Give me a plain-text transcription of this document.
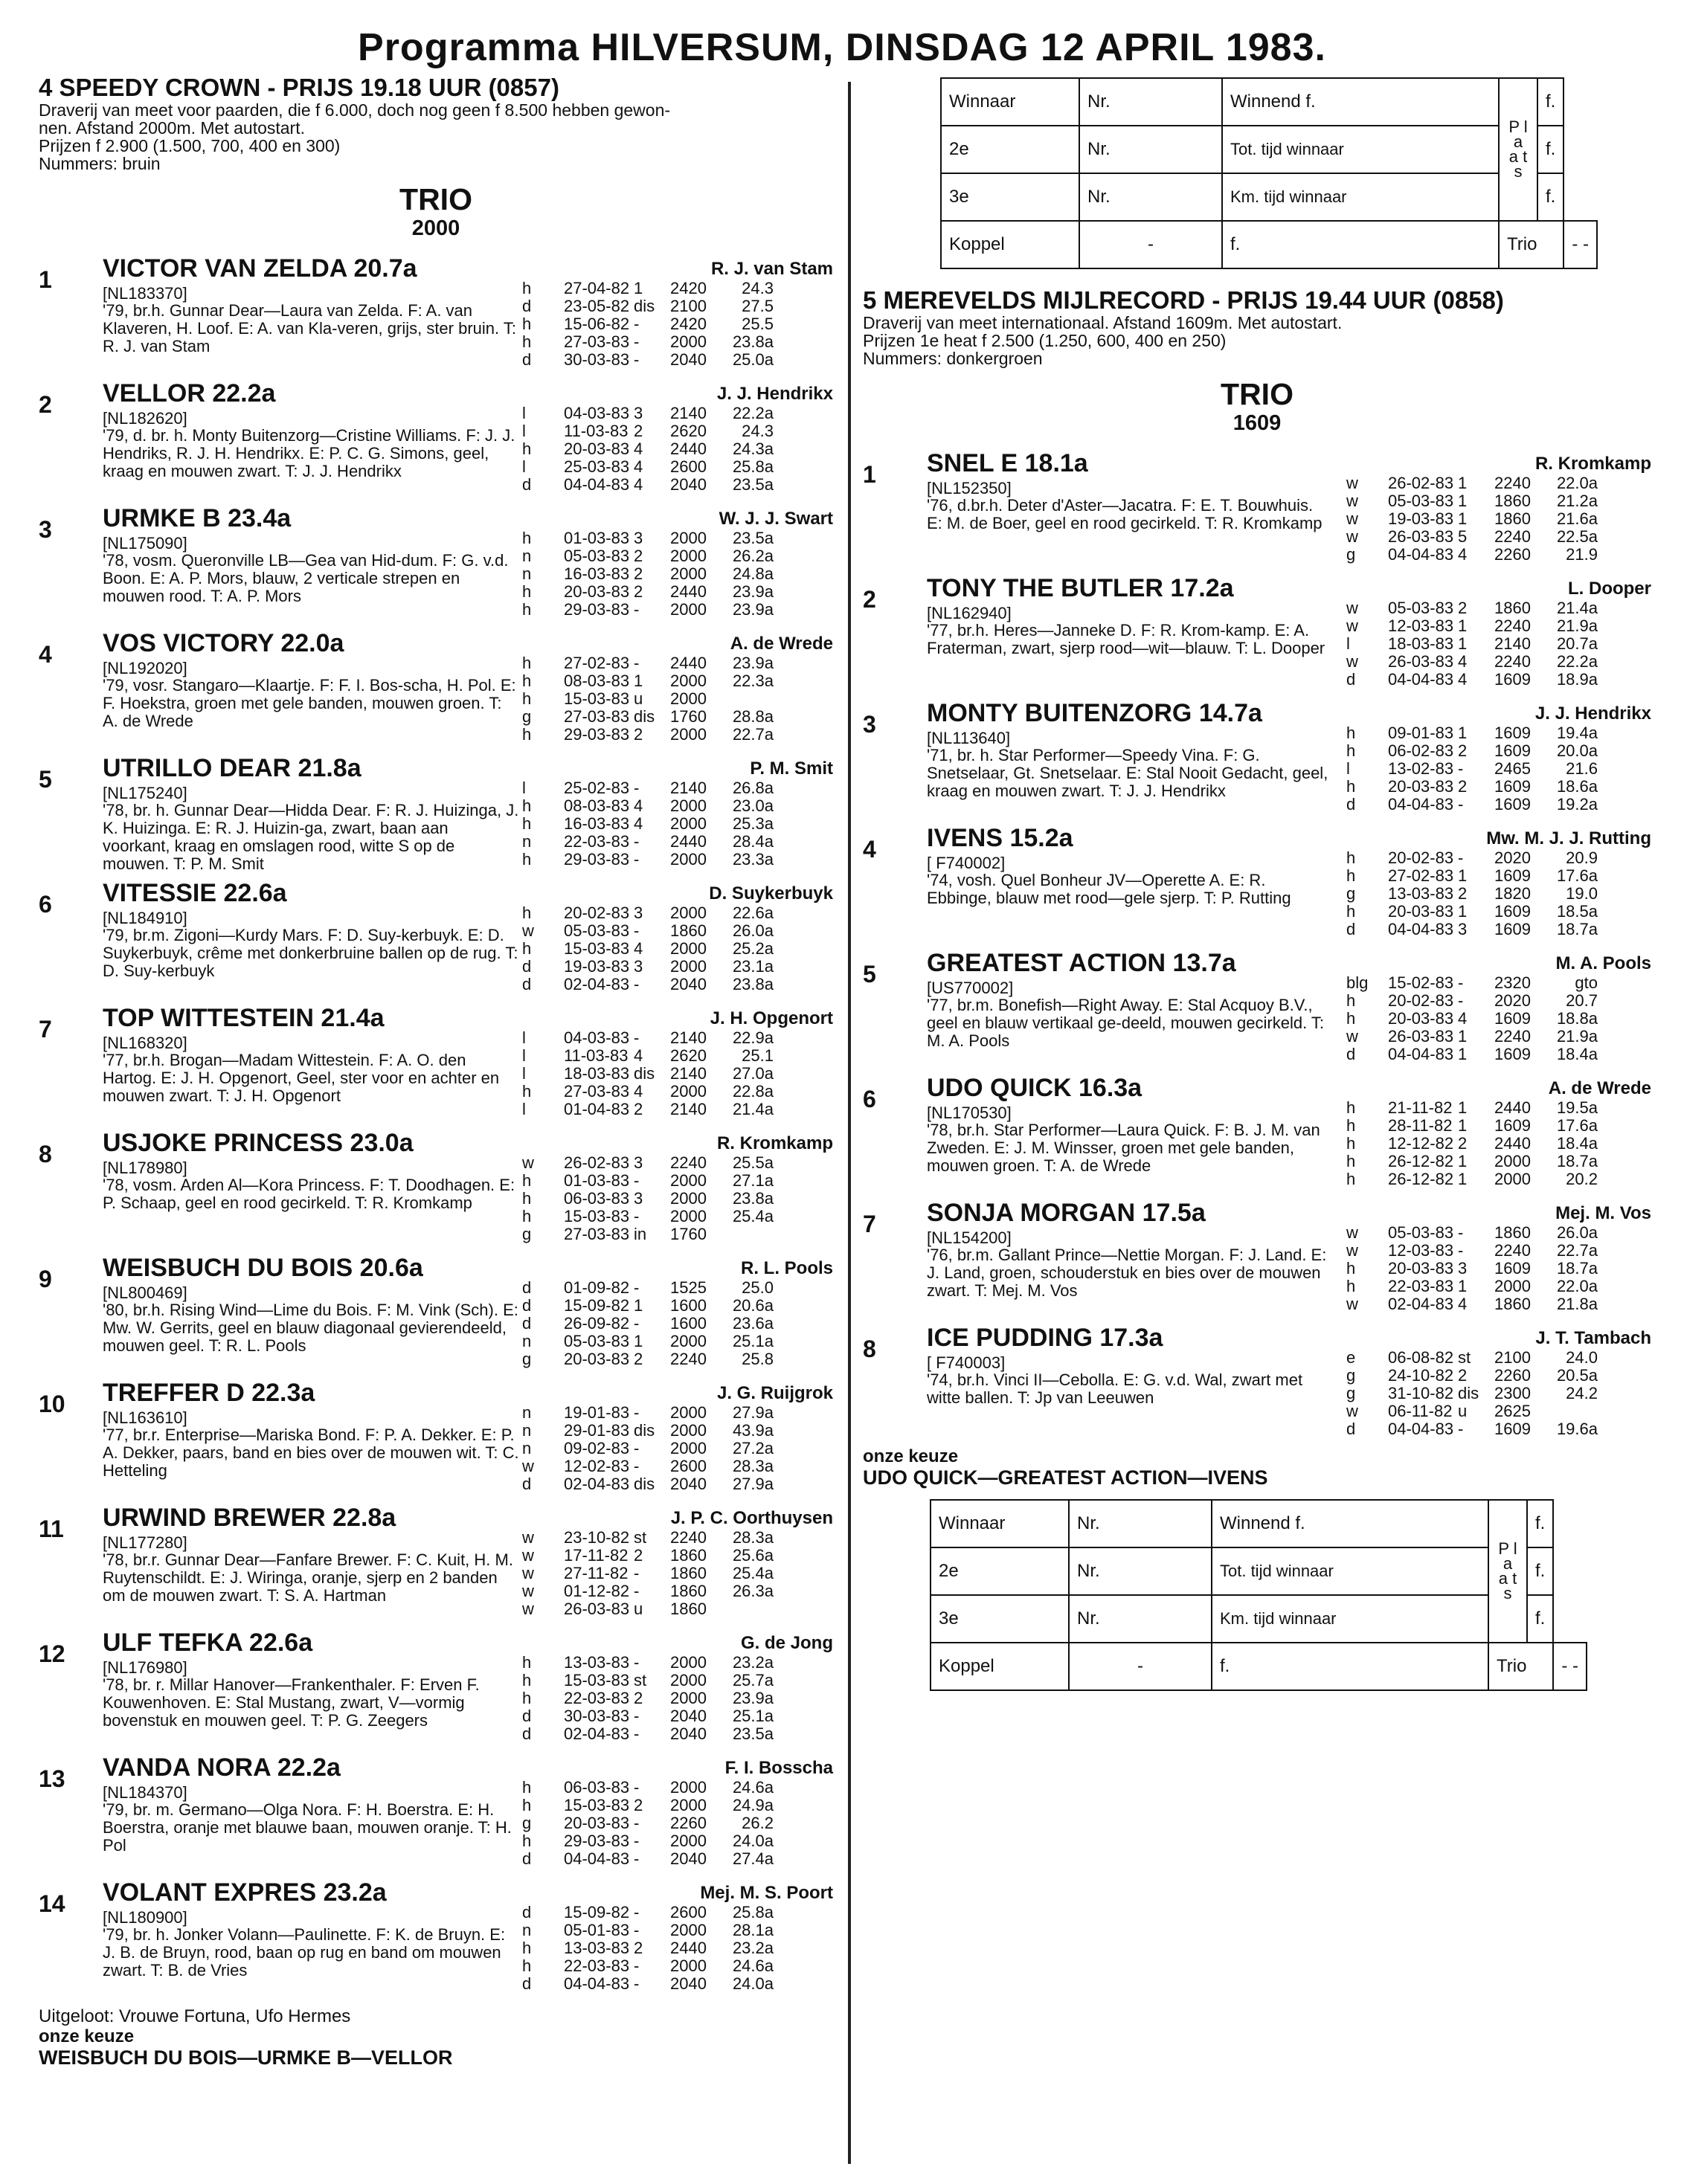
Programma HILVERSUM, DINSDAG 12 APRIL 1983.
4 SPEEDY CROWN - PRIJS 19.18 UUR (0857)
Draverij van meet voor paarden, die f 6.000, doch nog geen f 8.500 hebben gewon-
nen. Afstand 2000m. Met autostart.
Prijzen f 2.900 (1.500, 700, 400 en 300)
Nummers: bruin
TRIO
2000
1 VICTOR VAN ZELDA 20.7a	R. J. van Stam
[NL183370]
'79, br.h. Gunnar Dear—Laura van Zelda. F: A. van Klaveren, H. Loof. E: A. van Kla-veren, grijs, ster bruin. T: R. J. van Stam
h	27-04-82	1	2420	24.3
d	23-05-82	dis	2100	27.5
h	15-06-82	-	2420	25.5
h	27-03-83	-	2000	23.8a
d	30-03-83	-	2040	25.0a
2 VELLOR 22.2a	J. J. Hendrikx
[NL182620]
'79, d. br. h. Monty Buitenzorg—Cristine Williams. F: J. J. Hendriks, R. J. H. Hendrikx. E: P. C. G. Simons, geel, kraag en mouwen zwart. T: J. J. Hendrikx
l	04-03-83	3	2140	22.2a
l	11-03-83	2	2620	24.3
h	20-03-83	4	2440	24.3a
l	25-03-83	4	2600	25.8a
d	04-04-83	4	2040	23.5a
3 URMKE B 23.4a	W. J. J. Swart
[NL175090]
'78, vosm. Queronville LB—Gea van Hid-dum. F: G. v.d. Boon. E: A. P. Mors, blauw, 2 verticale strepen en mouwen rood. T: A. P. Mors
h	01-03-83	3	2000	23.5a
n	05-03-83	2	2000	26.2a
n	16-03-83	2	2000	24.8a
h	20-03-83	2	2440	23.9a
h	29-03-83	-	2000	23.9a
4 VOS VICTORY 22.0a	A. de Wrede
[NL192020]
'79, vosr. Stangaro—Klaartje. F: F. I. Bos-scha, H. Pol. E: F. Hoekstra, groen met gele banden, mouwen groen. T: A. de Wrede
h	27-02-83	-	2440	23.9a
h	08-03-83	1	2000	22.3a
h	15-03-83	u	2000	
g	27-03-83	dis	1760	28.8a
h	29-03-83	2	2000	22.7a
5 UTRILLO DEAR 21.8a	P. M. Smit
[NL175240]
'78, br. h. Gunnar Dear—Hidda Dear. F: R. J. Huizinga, J. K. Huizinga. E: R. J. Huizin-ga, zwart, baan aan voorkant, kraag en omslagen rood, witte S op de mouwen. T: P. M. Smit
l	25-02-83	-	2140	26.8a
h	08-03-83	4	2000	23.0a
h	16-03-83	4	2000	25.3a
n	22-03-83	-	2440	28.4a
h	29-03-83	-	2000	23.3a
6 VITESSIE 22.6a	D. Suykerbuyk
[NL184910]
'79, br.m. Zigoni—Kurdy Mars. F: D. Suy-kerbuyk. E: D. Suykerbuyk, crême met donkerbruine ballen op de rug. T: D. Suy-kerbuyk
h	20-02-83	3	2000	22.6a
w	05-03-83	-	1860	26.0a
h	15-03-83	4	2000	25.2a
d	19-03-83	3	2000	23.1a
d	02-04-83	-	2040	23.8a
7 TOP WITTESTEIN 21.4a	J. H. Opgenort
[NL168320]
'77, br.h. Brogan—Madam Wittestein. F: A. O. den Hartog. E: J. H. Opgenort, Geel, ster voor en achter en mouwen zwart. T: J. H. Opgenort
l	04-03-83	-	2140	22.9a
l	11-03-83	4	2620	25.1
l	18-03-83	dis	2140	27.0a
h	27-03-83	4	2000	22.8a
l	01-04-83	2	2140	21.4a
8 USJOKE PRINCESS 23.0a	R. Kromkamp
[NL178980]
'78, vosm. Arden Al—Kora Princess. F: T. Doodhagen. E: P. Schaap, geel en rood gecirkeld. T: R. Kromkamp
w	26-02-83	3	2240	25.5a
h	01-03-83	-	2000	27.1a
h	06-03-83	3	2000	23.8a
h	15-03-83	-	2000	25.4a
g	27-03-83	in	1760	
9 WEISBUCH DU BOIS 20.6a	R. L. Pools
[NL800469]
'80, br.h. Rising Wind—Lime du Bois. F: M. Vink (Sch). E: Mw. W. Gerrits, geel en blauw diagonaal gevierendeeld, mouwen geel. T: R. L. Pools
d	01-09-82	-	1525	25.0
d	15-09-82	1	1600	20.6a
d	26-09-82	-	1600	23.6a
n	05-03-83	1	2000	25.1a
g	20-03-83	2	2240	25.8
10 TREFFER D 22.3a	J. G. Ruijgrok
[NL163610]
'77, br.r. Enterprise—Mariska Bond. F: P. A. Dekker. E: P. A. Dekker, paars, band en bies over de mouwen wit. T: C. Hetteling
n	19-01-83	-	2000	27.9a
n	29-01-83	dis	2000	43.9a
n	09-02-83	-	2000	27.2a
w	12-02-83	-	2600	28.3a
d	02-04-83	dis	2040	27.9a
11 URWIND BREWER 22.8a	J. P. C. Oorthuysen
[NL177280]
'78, br.r. Gunnar Dear—Fanfare Brewer. F: C. Kuit, H. M. Ruytenschildt. E: J. Wiringa, oranje, sjerp en 2 banden om de mouwen zwart. T: S. A. Hartman
w	23-10-82	st	2240	28.3a
w	17-11-82	2	1860	25.6a
w	27-11-82	-	1860	25.4a
w	01-12-82	-	1860	26.3a
w	26-03-83	u	1860	
12 ULF TEFKA 22.6a	G. de Jong
[NL176980]
'78, br. r. Millar Hanover—Frankenthaler. F: Erven F. Kouwenhoven. E: Stal Mustang, zwart, V—vormig bovenstuk en mouwen geel. T: P. G. Zeegers
h	13-03-83	-	2000	23.2a
h	15-03-83	st	2000	25.7a
h	22-03-83	2	2000	23.9a
d	30-03-83	-	2040	25.1a
d	02-04-83	-	2040	23.5a
13 VANDA NORA 22.2a	F. I. Bosscha
[NL184370]
'79, br. m. Germano—Olga Nora. F: H. Boerstra. E: H. Boerstra, oranje met blauwe baan, mouwen oranje. T: H. Pol
h	06-03-83	-	2000	24.6a
h	15-03-83	2	2000	24.9a
g	20-03-83	-	2260	26.2
h	29-03-83	-	2000	24.0a
d	04-04-83	-	2040	27.4a
14 VOLANT EXPRES 23.2a	Mej. M. S. Poort
[NL180900]
'79, br. h. Jonker Volann—Paulinette. F: K. de Bruyn. E: J. B. de Bruyn, rood, baan op rug en band om mouwen zwart. T: B. de Vries
d	15-09-82	-	2600	25.8a
n	05-01-83	-	2000	28.1a
h	13-03-83	2	2440	23.2a
h	22-03-83	-	2000	24.6a
d	04-04-83	-	2040	24.0a
Uitgeloot: Vrouwe Fortuna, Ufo Hermes
onze keuze
WEISBUCH DU BOIS—URMKE B—VELLOR
Winnaar	Nr.	Winnend f.	P l a a t s	f.	
2e	Nr.	Tot. tijd winnaar		f.	
3e	Nr.	Km. tijd winnaar		f.	
Koppel	-	f.	Trio		- -
5 MEREVELDS MIJLRECORD - PRIJS 19.44 UUR (0858)
Draverij van meet internationaal. Afstand 1609m. Met autostart.
Prijzen 1e heat f 2.500 (1.250, 600, 400 en 250)
Nummers: donkergroen
TRIO
1609
1 SNEL E 18.1a	R. Kromkamp
[NL152350]
'76, d.br.h. Deter d'Aster—Jacatra. F: E. T. Bouwhuis. E: M. de Boer, geel en rood gecirkeld. T: R. Kromkamp
w	26-02-83	1	2240	22.0a
w	05-03-83	1	1860	21.2a
w	19-03-83	1	1860	21.6a
w	26-03-83	5	2240	22.5a
g	04-04-83	4	2260	21.9
2 TONY THE BUTLER 17.2a	L. Dooper
[NL162940]
'77, br.h. Heres—Janneke D. F: R. Krom-kamp. E: A. Fraterman, zwart, sjerp rood—wit—blauw. T: L. Dooper
w	05-03-83	2	1860	21.4a
w	12-03-83	1	2240	21.9a
l	18-03-83	1	2140	20.7a
w	26-03-83	4	2240	22.2a
d	04-04-83	4	1609	18.9a
3 MONTY BUITENZORG 14.7a	J. J. Hendrikx
[NL113640]
'71, br. h. Star Performer—Speedy Vina. F: G. Snetselaar, Gt. Snetselaar. E: Stal Nooit Gedacht, geel, kraag en mouwen zwart. T: J. J. Hendrikx
h	09-01-83	1	1609	19.4a
h	06-02-83	2	1609	20.0a
l	13-02-83	-	2465	21.6
h	20-03-83	2	1609	18.6a
d	04-04-83	-	1609	19.2a
4 IVENS 15.2a	Mw. M. J. J. Rutting
[ F740002]
'74, vosh. Quel Bonheur JV—Operette A. E: R. Ebbinge, blauw met rood—gele sjerp. T: P. Rutting
h	20-02-83	-	2020	20.9
h	27-02-83	1	1609	17.6a
g	13-03-83	2	1820	19.0
h	20-03-83	1	1609	18.5a
d	04-04-83	3	1609	18.7a
5 GREATEST ACTION 13.7a	M. A. Pools
[US770002]
'77, br.m. Bonefish—Right Away. E: Stal Acquoy B.V., geel en blauw vertikaal ge-deeld, mouwen gecirkeld. T: M. A. Pools
blg	15-02-83	-	2320	gto
h	20-02-83	-	2020	20.7
h	20-03-83	4	1609	18.8a
w	26-03-83	1	2240	21.9a
d	04-04-83	1	1609	18.4a
6 UDO QUICK 16.3a	A. de Wrede
[NL170530]
'78, br.h. Star Performer—Laura Quick. F: B. J. M. van Zweden. E: J. M. Winsser, groen met gele banden, mouwen groen. T: A. de Wrede
h	21-11-82	1	2440	19.5a
h	28-11-82	1	1609	17.6a
h	12-12-82	2	2440	18.4a
h	26-12-82	1	2000	18.7a
h	26-12-82	1	2000	20.2
7 SONJA MORGAN 17.5a	Mej. M. Vos
[NL154200]
'76, br.m. Gallant Prince—Nettie Morgan. F: J. Land. E: J. Land, groen, schouderstuk en bies over de mouwen zwart. T: Mej. M. Vos
w	05-03-83	-	1860	26.0a
w	12-03-83	-	2240	22.7a
h	20-03-83	3	1609	18.7a
h	22-03-83	1	2000	22.0a
w	02-04-83	4	1860	21.8a
8 ICE PUDDING 17.3a	J. T. Tambach
[ F740003]
'74, br.h. Vinci II—Cebolla. E: G. v.d. Wal, zwart met witte ballen. T: Jp van Leeuwen
e	06-08-82	st	2100	24.0
g	24-10-82	2	2260	20.5a
g	31-10-82	dis	2300	24.2
w	06-11-82	u	2625	
d	04-04-83	-	1609	19.6a
onze keuze
UDO QUICK—GREATEST ACTION—IVENS
Winnaar	Nr.	Winnend f.	P l a a t s	f.	
2e	Nr.	Tot. tijd winnaar		f.	
3e	Nr.	Km. tijd winnaar		f.	
Koppel	-	f.	Trio		- -
